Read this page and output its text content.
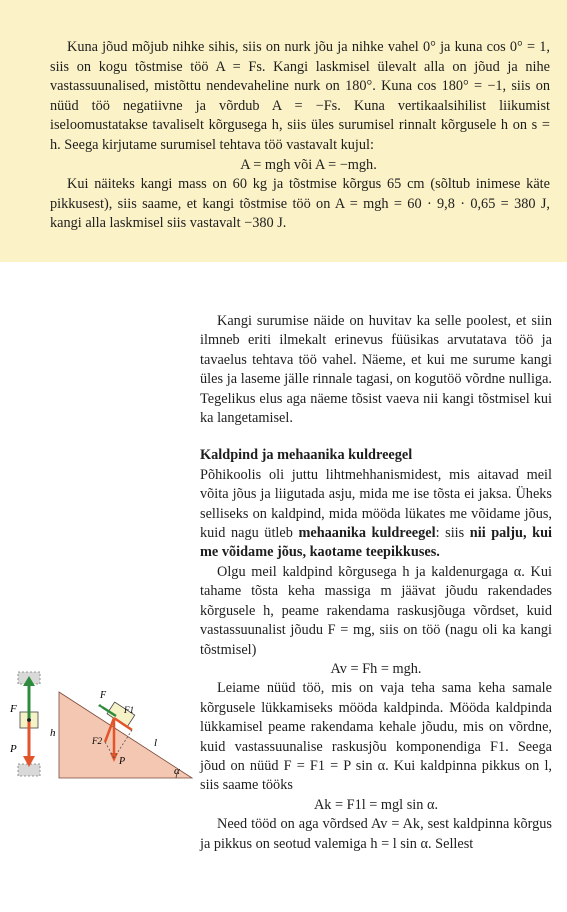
Kuna jõud mõjub nihke sihis, siis on nurk jõu ja nihke vahel 0° ja kuna cos 0° = 1, siis on kogu tõstmise töö A = Fs. Kangi laskmisel ülevalt alla on jõud ja nihe vastassuunalised, mistõttu nendevaheline nurk on 180°. Kuna cos 180° = −1, siis on nüüd töö negatiivne ja võrdub A = −Fs. Kuna vertikaalsihilist liikumist iseloomustatakse tavaliselt kõrgusega h, siis üles surumisel rinnalt kõrgusele h on s = h. Seega kirjutame surumisel tehtava töö vastavalt kujul:

A = mgh või A = −mgh.

Kui näiteks kangi mass on 60 kg ja tõstmise kõrgus 65 cm (sõltub inimese käte pikkusest), siis saame, et kangi tõstmise töö on A = mgh = 60 · 9,8 · 0,65 = 380 J, kangi alla laskmisel siis vastavalt −380 J.

Kangi surumise näide on huvitav ka selle poolest, et siin ilmneb eriti ilmekalt erinevus füüsikas arvutatava töö ja tavaelus tehtava töö vahel. Näeme, et kui me surume kangi üles ja laseme jälle rinnale tagasi, on kogutöö võrdne nulliga. Tegelikus elus aga näeme tõsist vaeva nii kangi tõstmisel kui ka langetamisel.

Kaldpind ja mehaanika kuldreegel

Põhikoolis oli juttu lihtmehhanismidest, mis aitavad meil võita jõus ja liigutada asju, mida me ise tõsta ei jaksa. Üheks selliseks on kaldpind, mida mööda lükates me võidame jõus, kuid nagu ütleb mehaanika kuldreegel: siis nii palju, kui me võidame jõus, kaotame teepikkuses.

Olgu meil kaldpind kõrgusega h ja kaldenurgaga α. Kui tahame tõsta keha massiga m jäävat jõudu rakendades kõrgusele h, peame rakendama raskusjõuga võrdset, kuid vastassuunalist jõudu F = mg, siis on töö (nagu oli ka kangi tõstmisel)

Av = Fh = mgh.

Leiame nüüd töö, mis on vaja teha sama keha samale kõrgusele lükkamiseks mööda kaldpinda. Mööda kaldpinda lükkamisel peame rakendama kehale jõudu, mis on võrdne, kuid vastassuunalise raskusjõu komponendiga F1. Seega jõud on nüüd F = F1 = P sin α. Kui kaldpinna pikkus on l, siis saame tööks

Ak = F1l = mgl sin α.

Need tööd on aga võrdsed Av = Ak, sest kaldpinna kõrgus ja pikkus on seotud valemiga h = l sin α. Sellest

F
P
h
F
F1
F2
P
l
α
